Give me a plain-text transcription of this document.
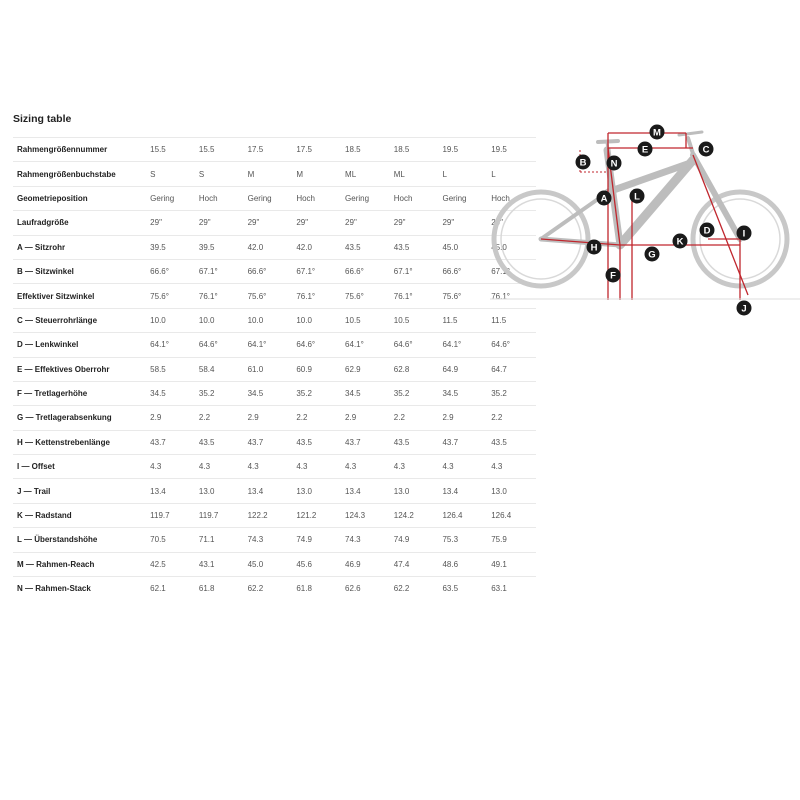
Sizing table
Rahmengrößennummer	15.5	15.5	17.5	17.5	18.5	18.5	19.5	19.5
Rahmengrößenbuchstabe	S	S	M	M	ML	ML	L	L
Geometrieposition	Gering	Hoch	Gering	Hoch	Gering	Hoch	Gering	Hoch
Laufradgröße	29"	29"	29"	29"	29"	29"	29"	29"
A — Sitzrohr	39.5	39.5	42.0	42.0	43.5	43.5	45.0	45.0
B — Sitzwinkel	66.6°	67.1°	66.6°	67.1°	66.6°	67.1°	66.6°	67.1°
Effektiver Sitzwinkel	75.6°	76.1°	75.6°	76.1°	75.6°	76.1°	75.6°	76.1°
C — Steuerrohrlänge	10.0	10.0	10.0	10.0	10.5	10.5	11.5	11.5
D — Lenkwinkel	64.1°	64.6°	64.1°	64.6°	64.1°	64.6°	64.1°	64.6°
E — Effektives Oberrohr	58.5	58.4	61.0	60.9	62.9	62.8	64.9	64.7
F — Tretlagerhöhe	34.5	35.2	34.5	35.2	34.5	35.2	34.5	35.2
G — Tretlagerabsenkung	2.9	2.2	2.9	2.2	2.9	2.2	2.9	2.2
H — Kettenstrebenlänge	43.7	43.5	43.7	43.5	43.7	43.5	43.7	43.5
I — Offset	4.3	4.3	4.3	4.3	4.3	4.3	4.3	4.3
J — Trail	13.4	13.0	13.4	13.0	13.4	13.0	13.4	13.0
K — Radstand	119.7	119.7	122.2	121.2	124.3	124.2	126.4	126.4
L — Überstandshöhe	70.5	71.1	74.3	74.9	74.3	74.9	75.3	75.9
M — Rahmen-Reach	42.5	43.1	45.0	45.6	46.9	47.4	48.6	49.1
N — Rahmen-Stack	62.1	61.8	62.2	61.8	62.6	62.2	63.5	63.1
A
B
C
D
E
F
G
H
I
J
K
L
M
N
